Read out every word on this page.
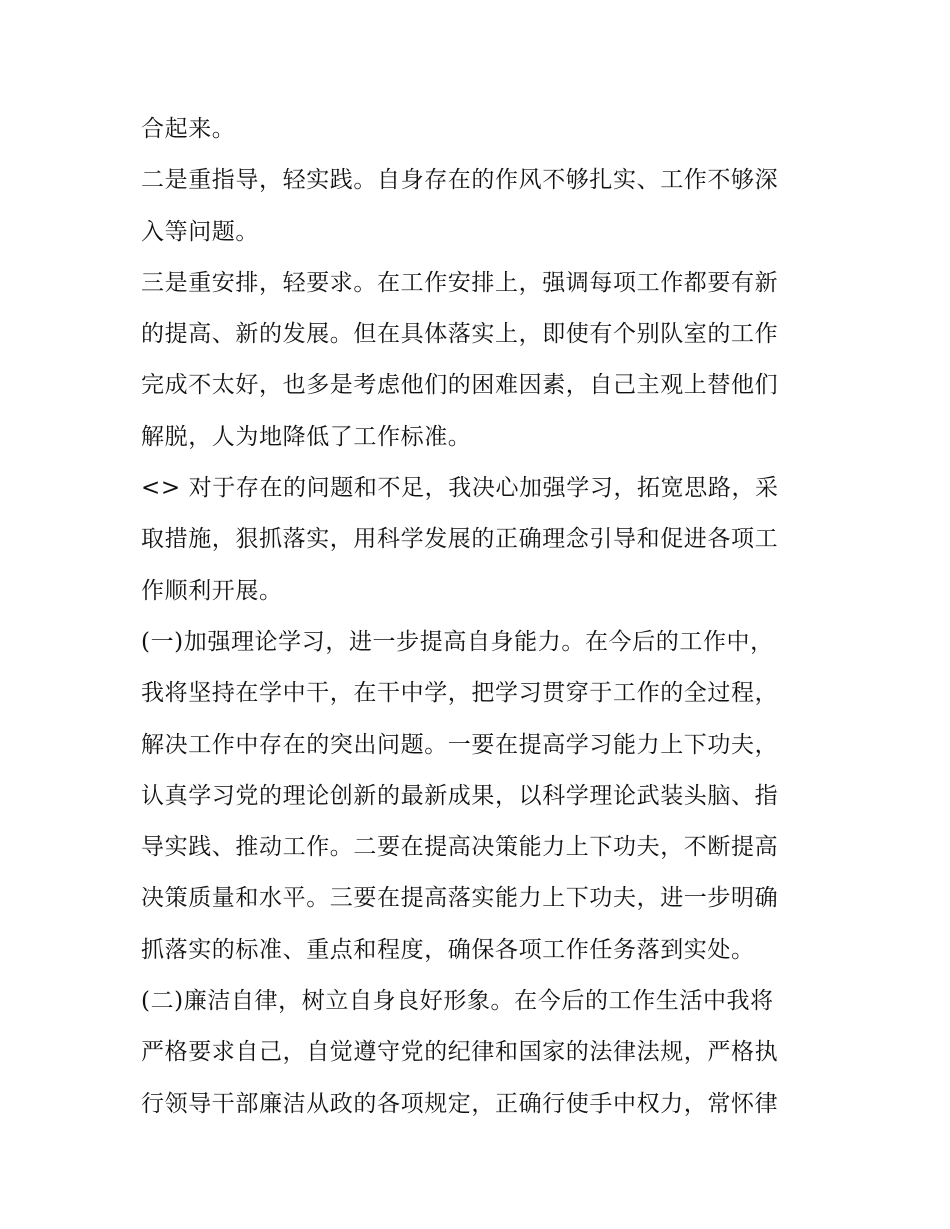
合起来。
二是重指导，轻实践。自身存在的作风不够扎实、工作不够深
入等问题。
三是重安排，轻要求。在工作安排上，强调每项工作都要有新
的提高、新的发展。但在具体落实上，即使有个别队室的工作
完成不太好，也多是考虑他们的困难因素，自己主观上替他们
解脱，人为地降低了工作标准。
<> 对于存在的问题和不足，我决心加强学习，拓宽思路，采
取措施，狠抓落实，用科学发展的正确理念引导和促进各项工
作顺利开展。
(一)加强理论学习，进一步提高自身能力。在今后的工作中，
我将坚持在学中干，在干中学，把学习贯穿于工作的全过程，
解决工作中存在的突出问题。一要在提高学习能力上下功夫，
认真学习党的理论创新的最新成果，以科学理论武装头脑、指
导实践、推动工作。二要在提高决策能力上下功夫，不断提高
决策质量和水平。三要在提高落实能力上下功夫，进一步明确
抓落实的标准、重点和程度，确保各项工作任务落到实处。
(二)廉洁自律，树立自身良好形象。在今后的工作生活中我将
严格要求自己，自觉遵守党的纪律和国家的法律法规，严格执
行领导干部廉洁从政的各项规定，正确行使手中权力，常怀律
